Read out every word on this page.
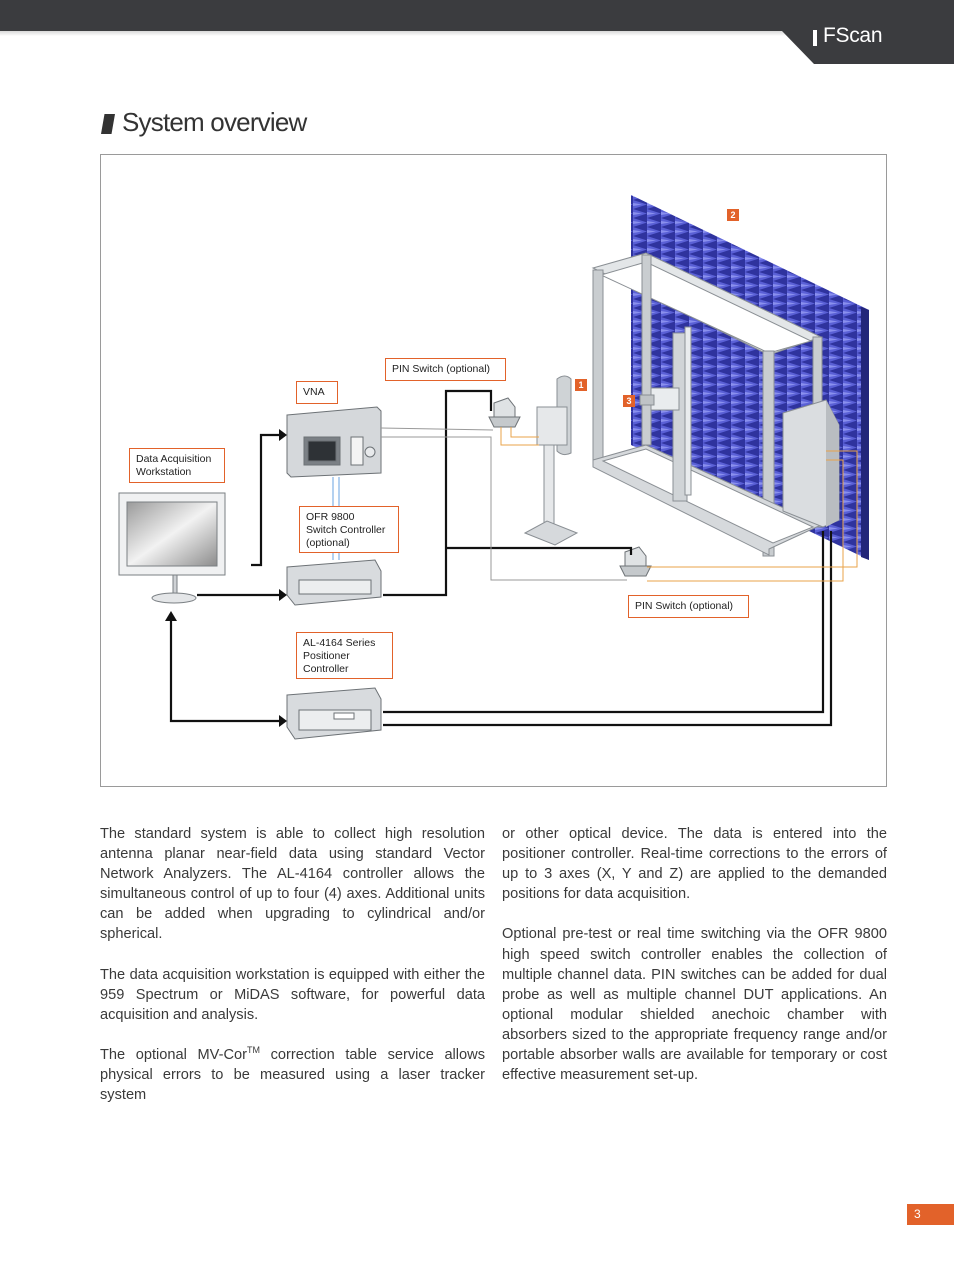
FScan
System overview
VNA
PIN Switch (optional)
Data Acquisition
Workstation
OFR 9800
Switch Controller
(optional)
PIN Switch (optional)
AL-4164 Series
Positioner
Controller
1
2
3

The standard system is able to collect high resolution antenna planar near-field data using standard Vector Network Analyzers. The AL-4164 controller allows the simultaneous control of up to four (4) axes. Additional units can be added when upgrading to cylindrical and/or spherical.

The data acquisition workstation is equipped with either the 959 Spectrum or MiDAS software, for powerful data acquisition and analysis.

The optional MV-Cor™ correction table service allows physical errors to be measured using a laser tracker system

or other optical device. The data is entered into the positioner controller. Real-time corrections to the errors of up to 3 axes (X, Y and Z) are applied to the demanded positions for data acquisition.

Optional pre-test or real time switching via the OFR 9800 high speed switch controller enables the collection of multiple channel data. PIN switches can be added for dual probe as well as multiple channel DUT applications. An optional modular shielded anechoic chamber with absorbers sized to the appropriate frequency range and/or portable absorber walls are available for temporary or cost effective measurement set-up.

3
